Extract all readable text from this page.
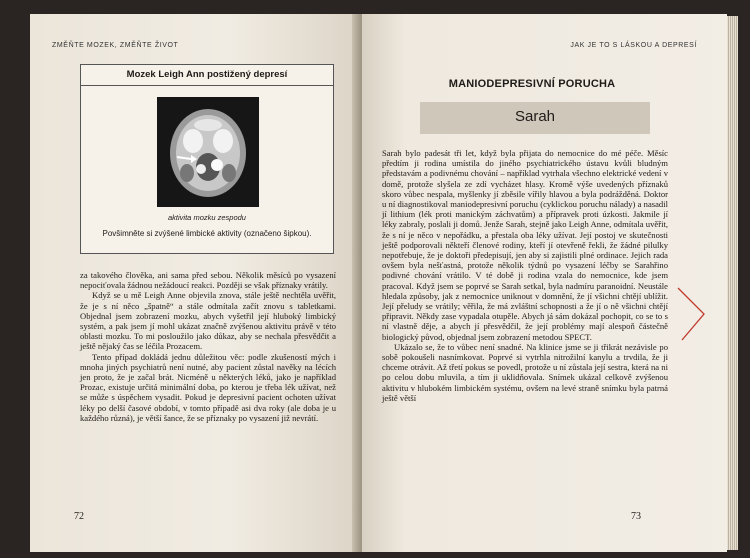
ZMĚŇTE MOZEK, ZMĚŇTE ŽIVOT
Mozek Leigh Ann postižený depresí
aktivita mozku zespodu
Povšimněte si zvýšené limbické aktivity (označeno šipkou).

za takového člověka, ani sama před sebou. Několik měsíců po vysazení nepociťovala žádnou nežádoucí reakci. Později se však příznaky vrátily.

Když se u mě Leigh Anne objevila znova, stále ještě nechtěla uvěřit, že je s ní něco „špatně“ a stále odmítala začít znovu s tabletkami. Objednal jsem zobrazení mozku, abych vyšetřil její hluboký limbický systém, a pak jsem jí mohl ukázat značně zvýšenou aktivitu právě v této oblasti mozku. To mi posloužilo jako důkaz, aby se nechala přesvědčit a ještě nějaký čas se léčila Prozacem.

Tento případ dokládá jednu důležitou věc: podle zkušeností mých i mnoha jiných psychiatrů není nutné, aby pacient zůstal navěky na lécích jen proto, že je začal brát. Nicméně u některých léků, jako je například Prozac, existuje určitá minimální doba, po kterou je třeba lék užívat, než se může s úspěchem vysadit. Pokud je depresivní pacient ochoten užívat léky po delší časové období, v tomto případě asi dva roky (ale doba je u každého různá), je větší šance, že se příznaky po vysazení již nevrátí.

72
JAK JE TO S LÁSKOU A DEPRESÍ
MANIODEPRESIVNÍ PORUCHA
Sarah

Sarah bylo padesát tři let, když byla přijata do nemocnice do mé péče. Měsíc předtím ji rodina umístila do jiného psychiatrického ústavu kvůli bludným představám a podivnému chování – například vytrhala všechno elektrické vedení v domě, protože slyšela ze zdí vycházet hlasy. Kromě výše uvedených příznaků skoro vůbec nespala, myšlenky jí zběsile vířily hlavou a byla podrážděná. Doktor u ní diagnostikoval maniodepresivní poruchu (cyklickou poruchu nálady) a nasadil jí lithium (lék proti manickým záchvatům) a přípravek proti úzkosti. Jakmile jí léky zabraly, poslali ji domů. Jenže Sarah, stejně jako Leigh Anne, odmítala uvěřit, že s ní je něco v nepořádku, a přestala oba léky užívat. Její postoj ve skutečnosti ještě podporovali někteří členové rodiny, kteří jí otevřeně řekli, že žádné pilulky nepotřebuje, že je doktoři předepisují, jen aby si zajistili plné ordinace. Jejich rada ovšem byla nešťastná, protože několik týdnů po vysazení léčby se Sarahřino podivné chování vrátilo. V té době ji rodina vzala do nemocnice, kde jsem pracoval. Když jsem se poprvé se Sarah setkal, byla nadmíru paranoidní. Neustále hledala způsoby, jak z nemocnice uniknout v domnění, že jí všichni chtějí ublížit. Její přeludy se vrátily; věřila, že má zvláštní schopnosti a že jí o ně všichni chtějí připravit. Někdy zase vypadala otupěle. Abych já sám dokázal pochopit, co se to s ní vlastně děje, a abych jí přesvědčil, že její problémy mají alespoň částečně biologický původ, objednal jsem zobrazení metodou SPECT.

Ukázalo se, že to vůbec není snadné. Na klinice jsme se ji třikrát nezávisle po sobě pokoušeli nasnímkovat. Poprvé si vytrhla nitrožilní kanylu a trvdila, že ji chceme otrávit. Až třetí pokus se povedl, protože u ní zůstala její sestra, která na ni po celou dobu mluvila, a tím ji uklidňovala. Snímek ukázal celkově zvýšenou aktivitu v hlubokém limbickém systému, ovšem na levé straně snímku byla patrná ještě větší

73
